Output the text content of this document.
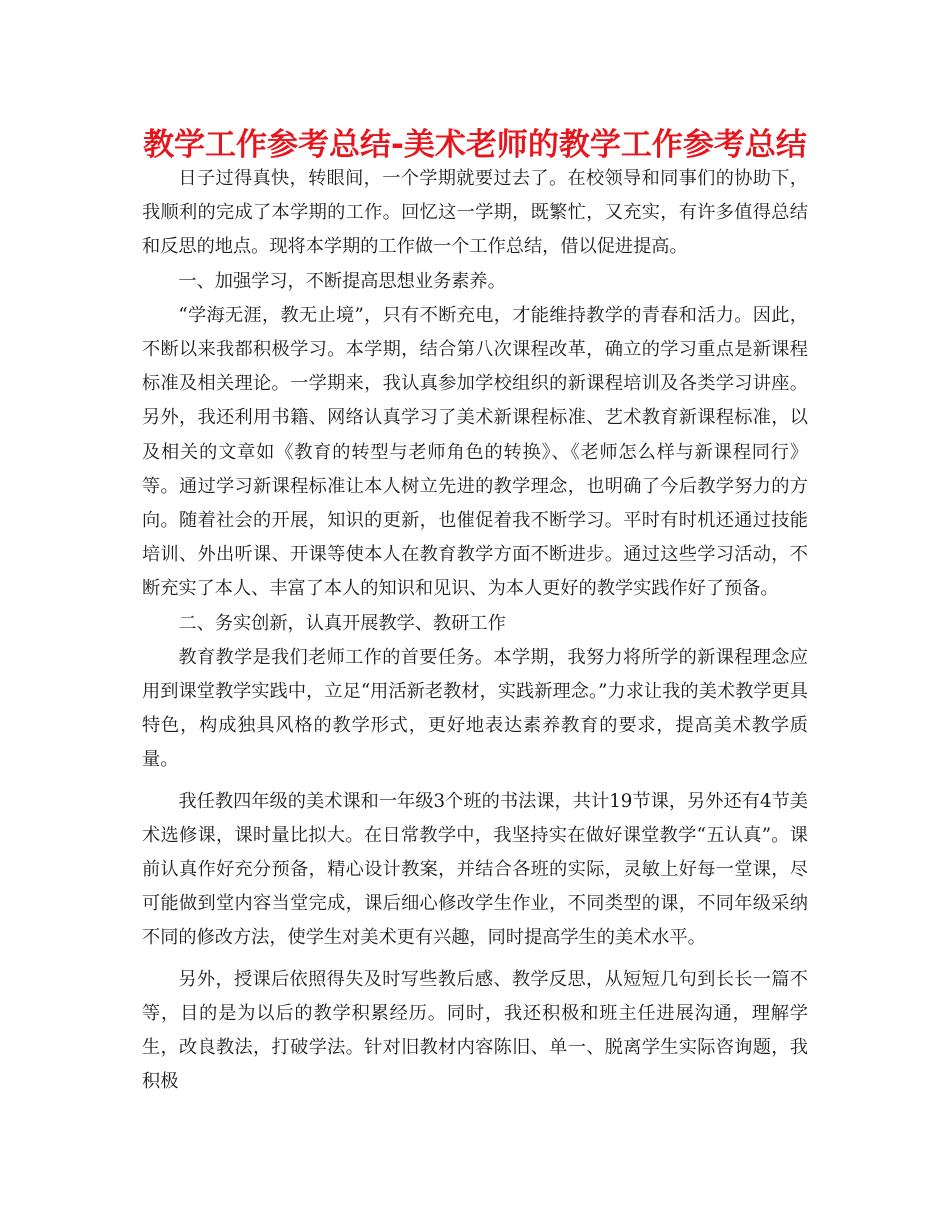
教学工作参考总结-美术老师的教学工作参考总结

日子过得真快，转眼间，一个学期就要过去了。在校领导和同事们的协助下，我顺利的完成了本学期的工作。回忆这一学期，既繁忙，又充实，有许多值得总结和反思的地点。现将本学期的工作做一个工作总结，借以促进提高。

一、加强学习，不断提高思想业务素养。

“学海无涯，教无止境”，只有不断充电，才能维持教学的青春和活力。因此，不断以来我都积极学习。本学期，结合第八次课程改革，确立的学习重点是新课程标准及相关理论。一学期来，我认真参加学校组织的新课程培训及各类学习讲座。另外，我还利用书籍、网络认真学习了美术新课程标准、艺术教育新课程标准，以及相关的文章如《教育的转型与老师角色的转换》、《老师怎么样与新课程同行》等。通过学习新课程标准让本人树立先进的教学理念，也明确了今后教学努力的方向。随着社会的开展，知识的更新，也催促着我不断学习。平时有时机还通过技能培训、外出听课、开课等使本人在教育教学方面不断进步。通过这些学习活动，不断充实了本人、丰富了本人的知识和见识、为本人更好的教学实践作好了预备。

二、务实创新，认真开展教学、教研工作

教育教学是我们老师工作的首要任务。本学期，我努力将所学的新课程理念应用到课堂教学实践中，立足“用活新老教材，实践新理念。”力求让我的美术教学更具特色，构成独具风格的教学形式，更好地表达素养教育的要求，提高美术教学质量。

我任教四年级的美术课和一年级3个班的书法课，共计19节课，另外还有4节美术选修课，课时量比拟大。在日常教学中，我坚持实在做好课堂教学“五认真”。课前认真作好充分预备，精心设计教案，并结合各班的实际，灵敏上好每一堂课，尽可能做到堂内容当堂完成，课后细心修改学生作业，不同类型的课，不同年级采纳不同的修改方法，使学生对美术更有兴趣，同时提高学生的美术水平。

另外，授课后依照得失及时写些教后感、教学反思，从短短几句到长长一篇不等，目的是为以后的教学积累经历。同时，我还积极和班主任进展沟通，理解学生，改良教法，打破学法。针对旧教材内容陈旧、单一、脱离学生实际咨询题，我积极
